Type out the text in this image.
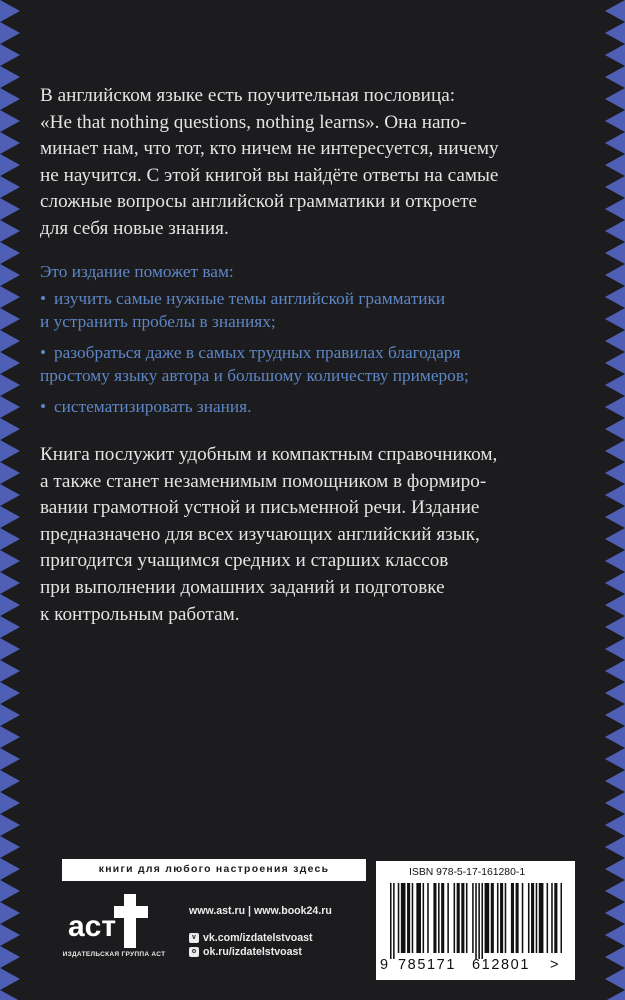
В английском языке есть поучительная пословица:
«He that nothing questions, nothing learns». Она напо-
минает нам, что тот, кто ничем не интересуется, ничему
не научится. С этой книгой вы найдёте ответы на самые
сложные вопросы английской грамматики и откроете
для себя новые знания.
Это издание поможет вам:
• изучить самые нужные темы английской грамматики
и устранить пробелы в знаниях;
• разобраться даже в самых трудных правилах благодаря
простому языку автора и большому количеству примеров;
• систематизировать знания.
Книга послужит удобным и компактным справочником,
а также станет незаменимым помощником в формиро-
вании грамотной устной и письменной речи. Издание
предназначено для всех изучающих английский язык,
пригодится учащимся средних и старших классов
при выполнении домашних заданий и подготовке
к контрольным работам.
книги для любого настроения здесь
аст
ИЗДАТЕЛЬСКАЯ ГРУППА АСТ
www.ast.ru | www.book24.ru
v vk.com/izdatelstvoast
o ok.ru/izdatelstvoast
ISBN 978-5-17-161280-1
9 785171 612801 >
